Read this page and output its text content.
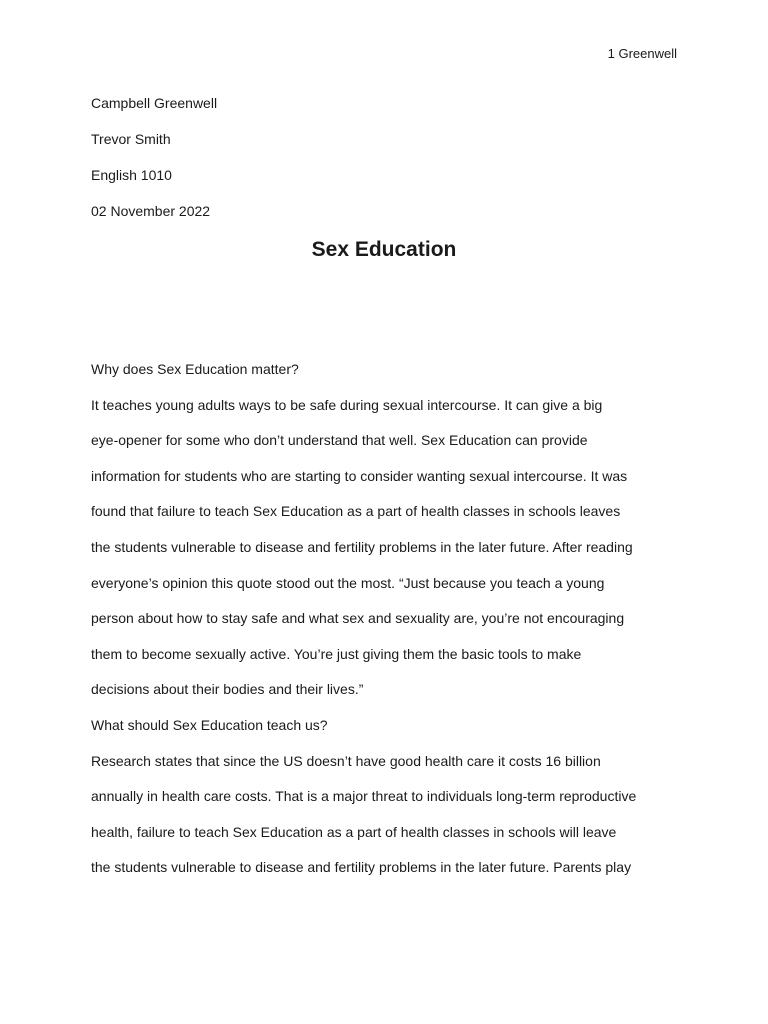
1 Greenwell
Campbell Greenwell
Trevor Smith
English 1010
02 November 2022
Sex Education
Why does Sex Education matter?
It teaches young adults ways to be safe during sexual intercourse. It can give a big
eye-opener for some who don’t understand that well. Sex Education can provide
information for students who are starting to consider wanting sexual intercourse. It was
found that failure to teach Sex Education as a part of health classes in schools leaves
the students vulnerable to disease and fertility problems in the later future. After reading
everyone’s opinion this quote stood out the most. “Just because you teach a young
person about how to stay safe and what sex and sexuality are, you’re not encouraging
them to become sexually active. You’re just giving them the basic tools to make
decisions about their bodies and their lives.”
What should Sex Education teach us?
Research states that since the US doesn’t have good health care it costs 16 billion
annually in health care costs. That is a major threat to individuals long-term reproductive
health, failure to teach Sex Education as a part of health classes in schools will leave
the students vulnerable to disease and fertility problems in the later future. Parents play
